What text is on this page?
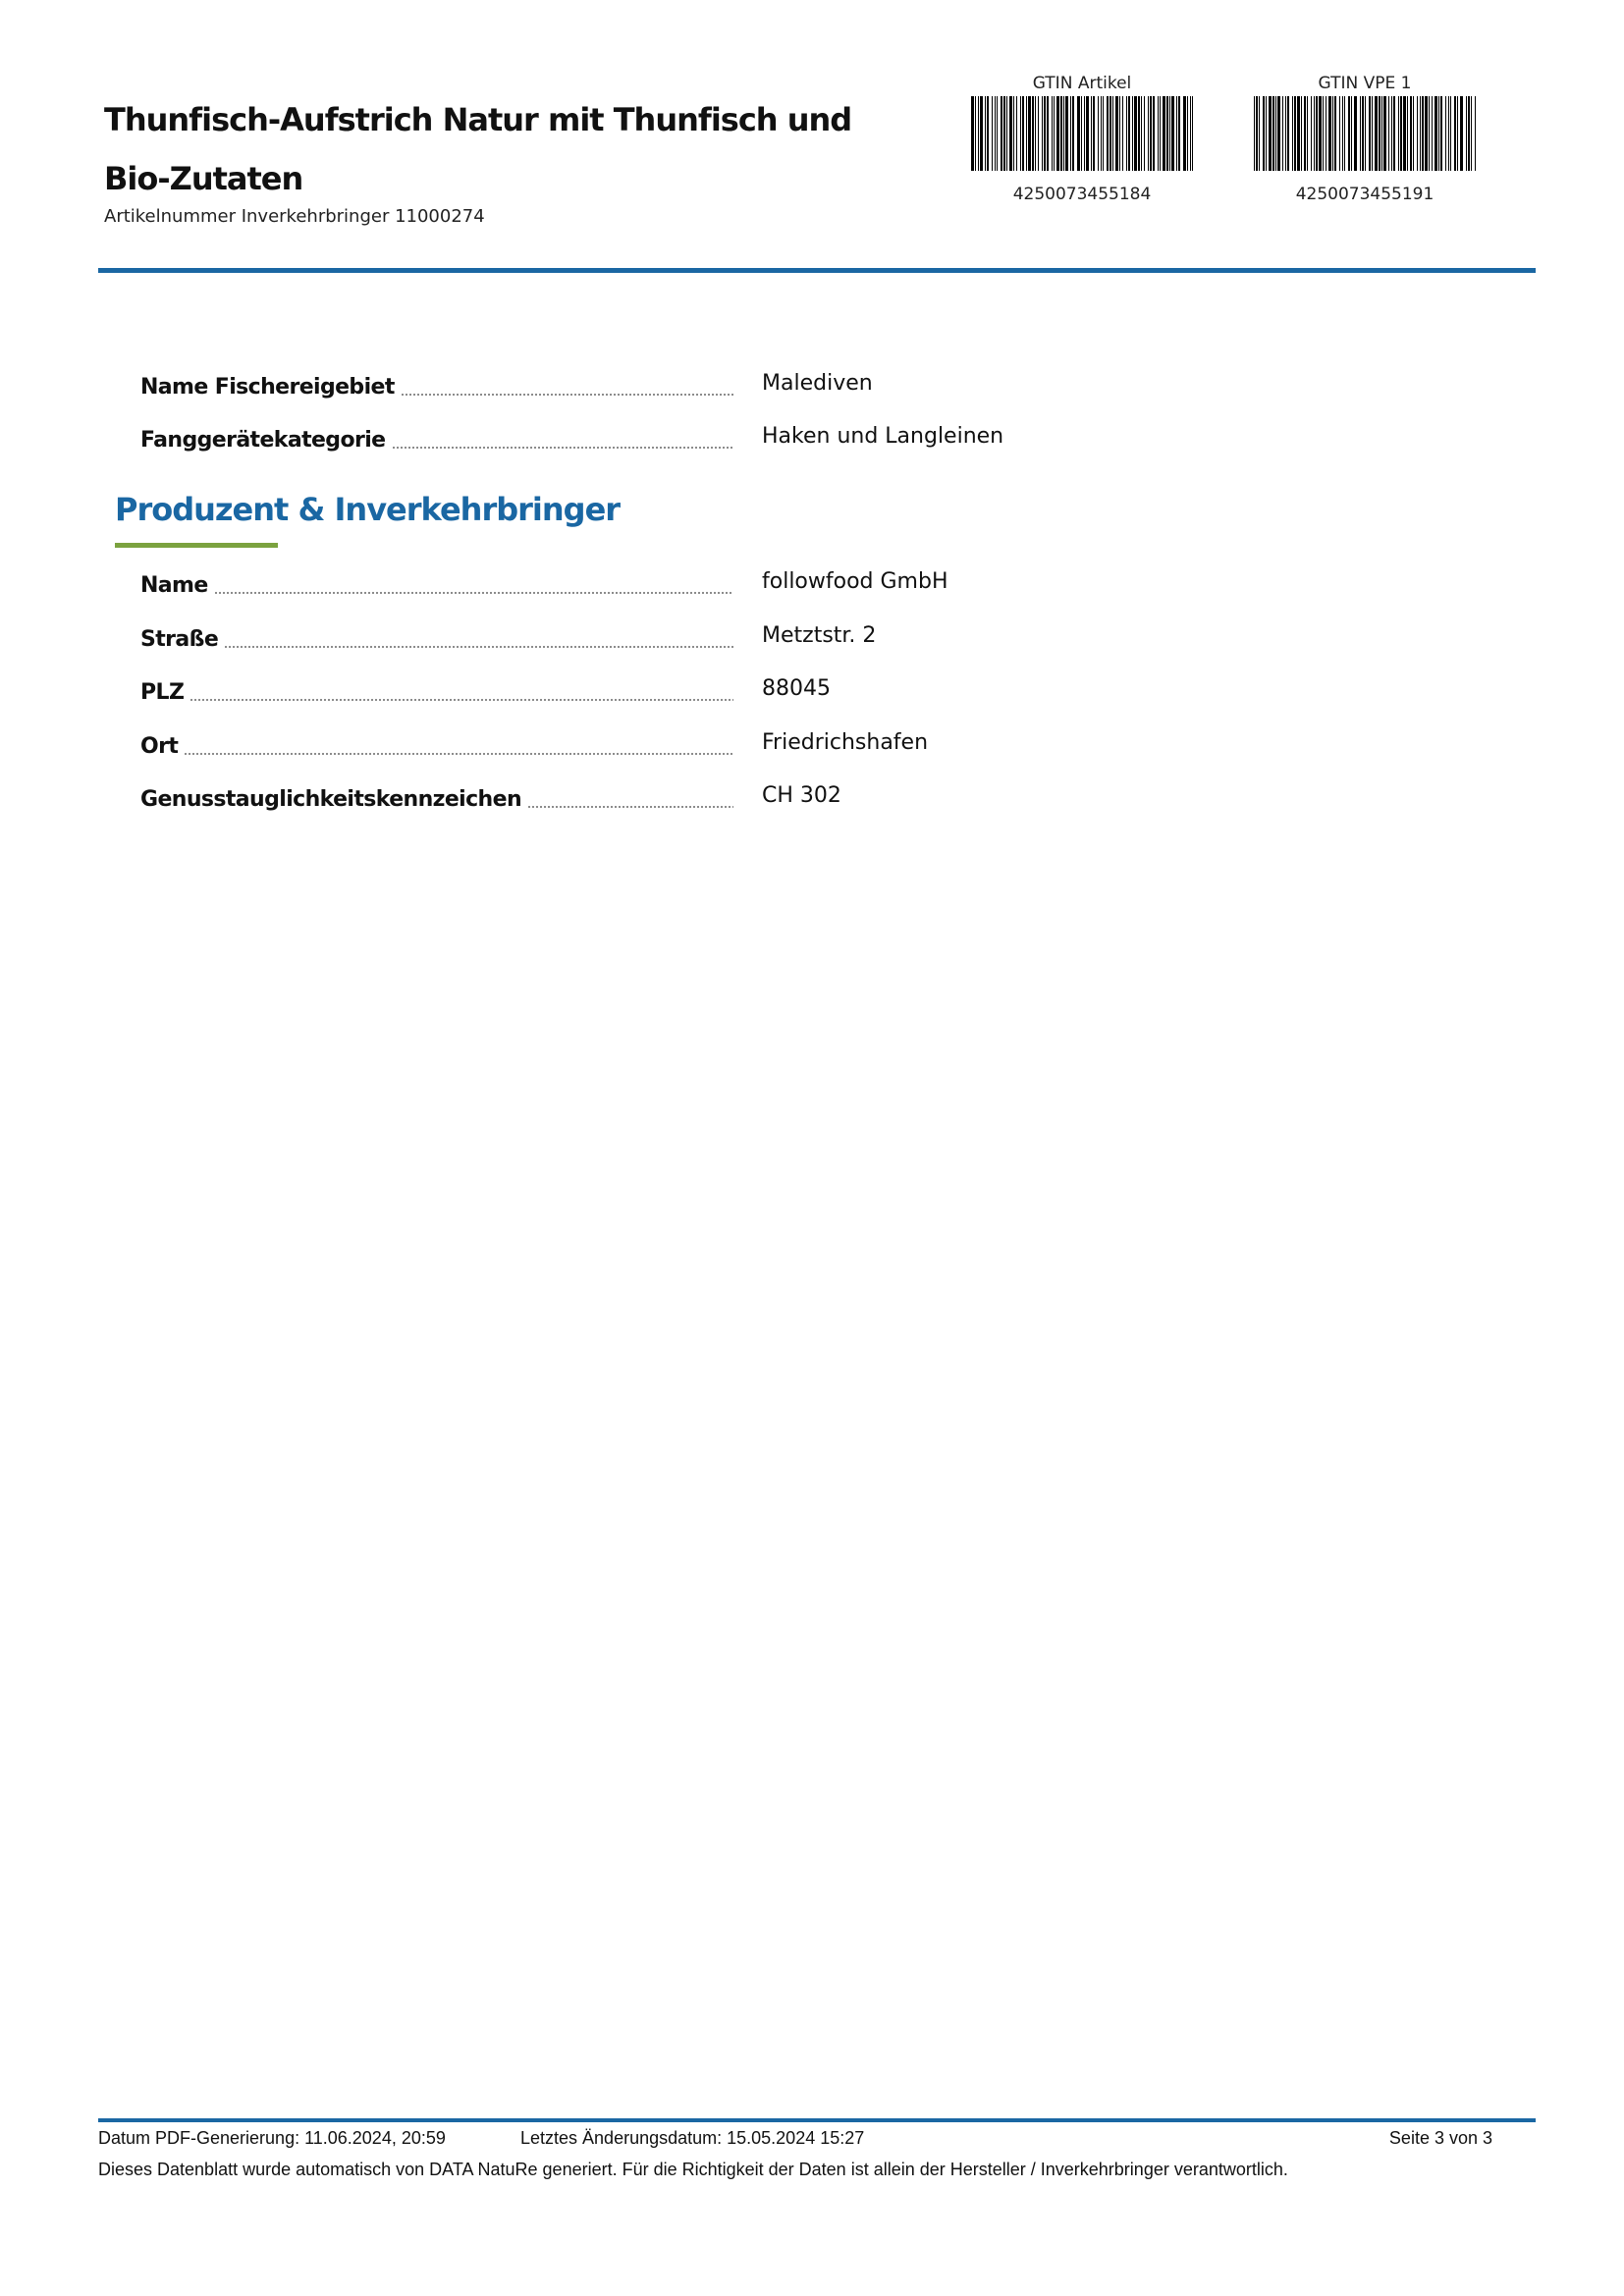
Thunfisch-Aufstrich Natur mit Thunfisch und Bio-Zutaten
Artikelnummer Inverkehrbringer 11000274
GTIN Artikel
4250073455184
GTIN VPE 1
4250073455191
Name Fischereigebiet	Malediven
Fanggerätekategorie	Haken und Langleinen
Produzent & Inverkehrbringer
Name	followfood GmbH
Straße	Metztstr. 2
PLZ	88045
Ort	Friedrichshafen
Genusstauglichkeitskennzeichen	CH 302
Datum PDF-Generierung: 11.06.2024, 20:59	Letztes Änderungsdatum: 15.05.2024 15:27	Seite 3 von 3
Dieses Datenblatt wurde automatisch von DATA NatuRe generiert. Für die Richtigkeit der Daten ist allein der Hersteller / Inverkehrbringer verantwortlich.
